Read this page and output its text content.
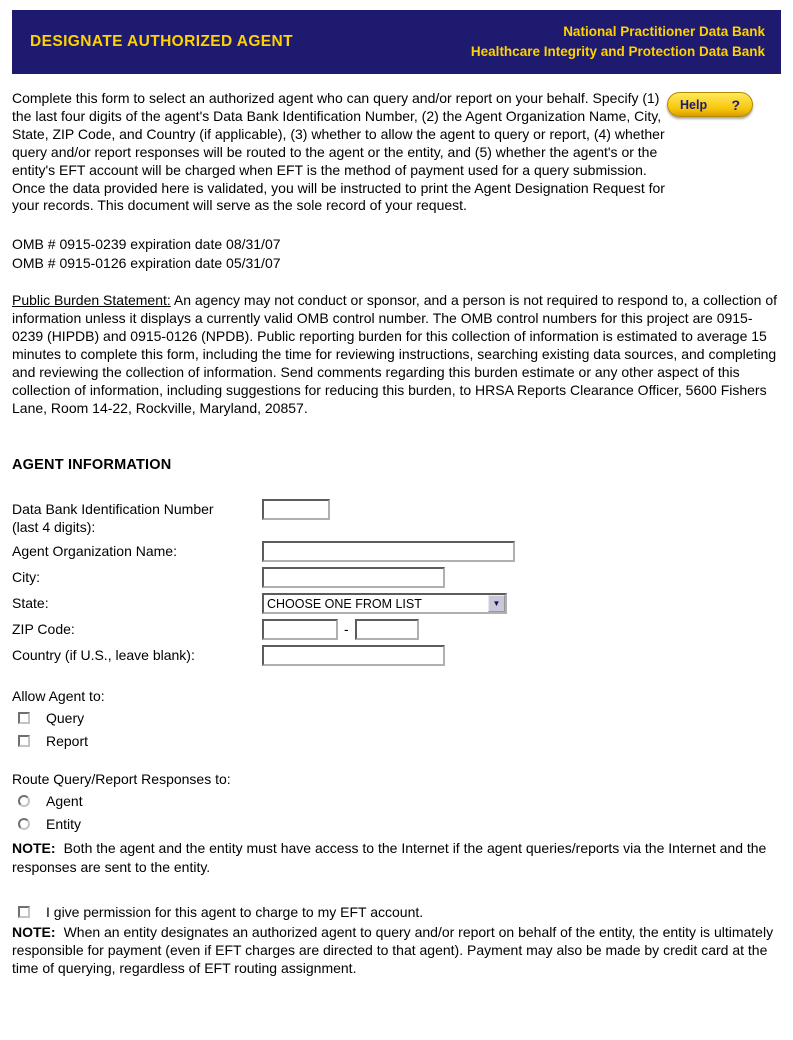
DESIGNATE AUTHORIZED AGENT
National Practitioner Data Bank
Healthcare Integrity and Protection Data Bank
Help ?
Complete this form to select an authorized agent who can query and/or report on your behalf. Specify (1) the last four digits of the agent's Data Bank Identification Number, (2) the Agent Organization Name, City, State, ZIP Code, and Country (if applicable), (3) whether to allow the agent to query or report, (4) whether query and/or report responses will be routed to the agent or the entity, and (5) whether the agent's or the entity's EFT account will be charged when EFT is the method of payment used for a query submission. Once the data provided here is validated, you will be instructed to print the Agent Designation Request for your records. This document will serve as the sole record of your request.
OMB # 0915-0239 expiration date 08/31/07
OMB # 0915-0126 expiration date 05/31/07
Public Burden Statement: An agency may not conduct or sponsor, and a person is not required to respond to, a collection of information unless it displays a currently valid OMB control number. The OMB control numbers for this project are 0915-0239 (HIPDB) and 0915-0126 (NPDB). Public reporting burden for this collection of information is estimated to average 15 minutes to complete this form, including the time for reviewing instructions, searching existing data sources, and completing and reviewing the collection of information. Send comments regarding this burden estimate or any other aspect of this collection of information, including suggestions for reducing this burden, to HRSA Reports Clearance Officer, 5600 Fishers Lane, Room 14-22, Rockville, Maryland, 20857.
AGENT INFORMATION
Data Bank Identification Number
(last 4 digits):
Agent Organization Name:
City:
State:	CHOOSE ONE FROM LIST	▼
ZIP Code:	-
Country (if U.S., leave blank):
Allow Agent to:
Query
Report
Route Query/Report Responses to:
Agent
Entity
NOTE: Both the agent and the entity must have access to the Internet if the agent queries/reports via the Internet and the responses are sent to the entity.
I give permission for this agent to charge to my EFT account.
NOTE: When an entity designates an authorized agent to query and/or report on behalf of the entity, the entity is ultimately responsible for payment (even if EFT charges are directed to that agent). Payment may also be made by credit card at the time of querying, regardless of EFT routing assignment.
